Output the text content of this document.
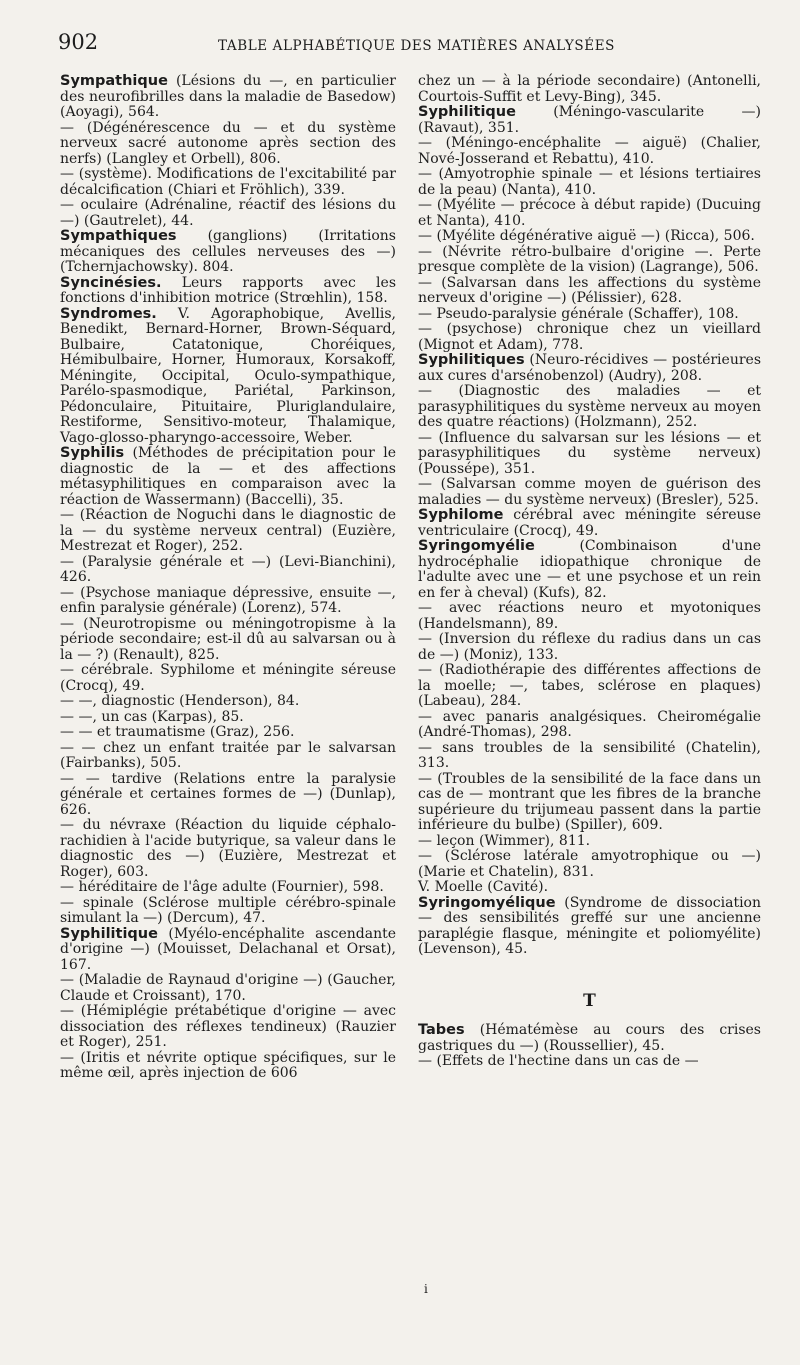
902	TABLE ALPHABÉTIQUE DES MATIÈRES ANALYSÉES

Sympathique (Lésions du —, en particulier des neurofibrilles dans la maladie de Basedow) (Aoyagi), 564.

— (Dégénérescence du — et du système nerveux sacré autonome après section des nerfs) (Langley et Orbell), 806.

— (système). Modifications de l'excitabilité par décalcification (Chiari et Fröhlich), 339.

— oculaire (Adrénaline, réactif des lésions du —) (Gautrelet), 44.

Sympathiques (ganglions) (Irritations mécaniques des cellules nerveuses des —) (Tchernjachowsky). 804.

Syncinésies. Leurs rapports avec les fonctions d'inhibition motrice (Strœhlin), 158.

Syndromes. V. Agoraphobique, Avellis, Benedikt, Bernard-Horner, Brown-Séquard, Bulbaire, Catatonique, Choréiques, Hémibulbaire, Horner, Humoraux, Korsakoff, Méningite, Occipital, Oculo-sympathique, Parélo-spasmodique, Pariétal, Parkinson, Pédonculaire, Pituitaire, Pluriglandulaire, Restiforme, Sensitivo-moteur, Thalamique, Vago-glosso-pharyngo-accessoire, Weber.

Syphilis (Méthodes de précipitation pour le diagnostic de la — et des affections métasyphilitiques en comparaison avec la réaction de Wassermann) (Baccelli), 35.

— (Réaction de Noguchi dans le diagnostic de la — du système nerveux central) (Euzière, Mestrezat et Roger), 252.

— (Paralysie générale et —) (Levi-Bianchini), 426.

— (Psychose maniaque dépressive, ensuite —, enfin paralysie générale) (Lorenz), 574.

— (Neurotropisme ou méningotropisme à la période secondaire; est-il dû au salvarsan ou à la — ?) (Renault), 825.

— cérébrale. Syphilome et méningite séreuse (Crocq), 49.

— —, diagnostic (Henderson), 84.

— —, un cas (Karpas), 85.

— — et traumatisme (Graz), 256.

— — chez un enfant traitée par le salvarsan (Fairbanks), 505.

— — tardive (Relations entre la paralysie générale et certaines formes de —) (Dunlap), 626.

— du névraxe (Réaction du liquide céphalo-rachidien à l'acide butyrique, sa valeur dans le diagnostic des —) (Euzière, Mestrezat et Roger), 603.

— héréditaire de l'âge adulte (Fournier), 598.

— spinale (Sclérose multiple cérébro-spinale simulant la —) (Dercum), 47.

Syphilitique (Myélo-encéphalite ascendante d'origine —) (Mouisset, Delachanal et Orsat), 167.

— (Maladie de Raynaud d'origine —) (Gaucher, Claude et Croissant), 170.

— (Hémiplégie prétabétique d'origine — avec dissociation des réflexes tendineux) (Rauzier et Roger), 251.

— (Iritis et névrite optique spécifiques, sur le même œil, après injection de 606

chez un — à la période secondaire) (Antonelli, Courtois-Suffit et Levy-Bing), 345.

Syphilitique (Méningo-vascularite —) (Ravaut), 351.

— (Méningo-encéphalite — aiguë) (Chalier, Nové-Josserand et Rebattu), 410.

— (Amyotrophie spinale — et lésions tertiaires de la peau) (Nanta), 410.

— (Myélite — précoce à début rapide) (Ducuing et Nanta), 410.

— (Myélite dégénérative aiguë —) (Ricca), 506.

— (Névrite rétro-bulbaire d'origine —. Perte presque complète de la vision) (Lagrange), 506.

— (Salvarsan dans les affections du système nerveux d'origine —) (Pélissier), 628.

— Pseudo-paralysie générale (Schaffer), 108.

— (psychose) chronique chez un vieillard (Mignot et Adam), 778.

Syphilitiques (Neuro-récidives — postérieures aux cures d'arsénobenzol) (Audry), 208.

— (Diagnostic des maladies — et parasyphilitiques du système nerveux au moyen des quatre réactions) (Holzmann), 252.

— (Influence du salvarsan sur les lésions — et parasyphilitiques du système nerveux) (Poussépe), 351.

— (Salvarsan comme moyen de guérison des maladies — du système nerveux) (Bresler), 525.

Syphilome cérébral avec méningite séreuse ventriculaire (Crocq), 49.

Syringomyélie (Combinaison d'une hydrocéphalie idiopathique chronique de l'adulte avec une — et une psychose et un rein en fer à cheval) (Kufs), 82.

— avec réactions neuro et myotoniques (Handelsmann), 89.

— (Inversion du réflexe du radius dans un cas de —) (Moniz), 133.

— (Radiothérapie des différentes affections de la moelle; —, tabes, sclérose en plaques) (Labeau), 284.

— avec panaris analgésiques. Cheiromégalie (André-Thomas), 298.

— sans troubles de la sensibilité (Chatelin), 313.

— (Troubles de la sensibilité de la face dans un cas de — montrant que les fibres de la branche supérieure du trijumeau passent dans la partie inférieure du bulbe) (Spiller), 609.

— leçon (Wimmer), 811.

— (Sclérose latérale amyotrophique ou —) (Marie et Chatelin), 831.

V. Moelle (Cavité).

Syringomyélique (Syndrome de dissociation — des sensibilités greffé sur une ancienne paraplégie flasque, méningite et poliomyélite) (Levenson), 45.

T

Tabes (Hématémèse au cours des crises gastriques du —) (Roussellier), 45.

— (Effets de l'hectine dans un cas de —

i
